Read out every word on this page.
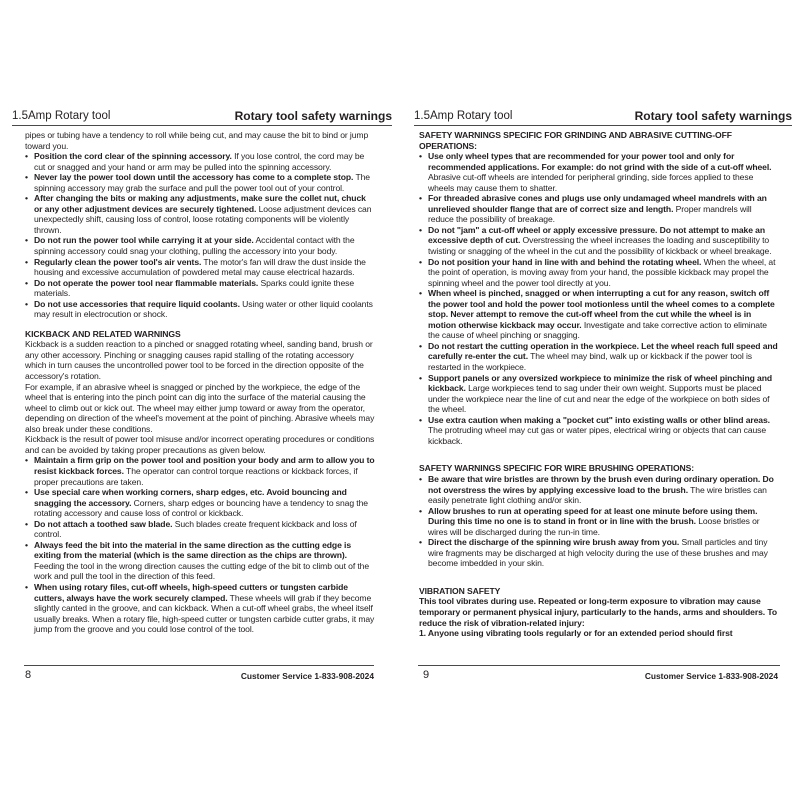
1.5Amp Rotary tool	Rotary tool safety warnings

pipes or tubing have a tendency to roll while being cut, and may cause the bit to bind or jump toward you.

• Position the cord clear of the spinning accessory. If you lose control, the cord may be cut or snagged and your hand or arm may be pulled into the spinning accessory.

• Never lay the power tool down until the accessory has come to a complete stop. The spinning accessory may grab the surface and pull the power tool out of your control.

• After changing the bits or making any adjustments, make sure the collet nut, chuck or any other adjustment devices are securely tightened. Loose adjustment devices can unexpectedly shift, causing loss of control, loose rotating components will be violently thrown.

• Do not run the power tool while carrying it at your side. Accidental contact with the spinning accessory could snag your clothing, pulling the accessory into your body.

• Regularly clean the power tool's air vents. The motor's fan will draw the dust inside the housing and excessive accumulation of powdered metal may cause electrical hazards.

• Do not operate the power tool near flammable materials. Sparks could ignite these materials.

• Do not use accessories that require liquid coolants. Using water or other liquid coolants may result in electrocution or shock.

KICKBACK AND RELATED WARNINGS

Kickback is a sudden reaction to a pinched or snagged rotating wheel, sanding band, brush or any other accessory. Pinching or snagging causes rapid stalling of the rotating accessory which in turn causes the uncontrolled power tool to be forced in the direction opposite of the accessory's rotation.

For example, if an abrasive wheel is snagged or pinched by the workpiece, the edge of the wheel that is entering into the pinch point can dig into the surface of the material causing the wheel to climb out or kick out. The wheel may either jump toward or away from the operator, depending on direction of the wheel's movement at the point of pinching. Abrasive wheels may also break under these conditions.

Kickback is the result of power tool misuse and/or incorrect operating procedures or conditions and can be avoided by taking proper precautions as given below.

• Maintain a firm grip on the power tool and position your body and arm to allow you to resist kickback forces. The operator can control torque reactions or kickback forces, if proper precautions are taken.

• Use special care when working corners, sharp edges, etc. Avoid bouncing and snagging the accessory. Corners, sharp edges or bouncing have a tendency to snag the rotating accessory and cause loss of control or kickback.

• Do not attach a toothed saw blade. Such blades create frequent kickback and loss of control.

• Always feed the bit into the material in the same direction as the cutting edge is exiting from the material (which is the same direction as the chips are thrown). Feeding the tool in the wrong direction causes the cutting edge of the bit to climb out of the work and pull the tool in the direction of this feed.

• When using rotary files, cut-off wheels, high-speed cutters or tungsten carbide cutters, always have the work securely clamped. These wheels will grab if they become slightly canted in the groove, and can kickback. When a cut-off wheel grabs, the wheel itself usually breaks. When a rotary file, high-speed cutter or tungsten carbide cutter grabs, it may jump from the groove and you could lose control of the tool.

8	Customer Service 1-833-908-2024
1.5Amp Rotary tool	Rotary tool safety warnings

SAFETY WARNINGS SPECIFIC FOR GRINDING AND ABRASIVE CUTTING-OFF OPERATIONS:

• Use only wheel types that are recommended for your power tool and only for recommended applications. For example: do not grind with the side of a cut-off wheel. Abrasive cut-off wheels are intended for peripheral grinding, side forces applied to these wheels may cause them to shatter.

• For threaded abrasive cones and plugs use only undamaged wheel mandrels with an unrelieved shoulder flange that are of correct size and length. Proper mandrels will reduce the possibility of breakage.

• Do not "jam" a cut-off wheel or apply excessive pressure. Do not attempt to make an excessive depth of cut. Overstressing the wheel increases the loading and susceptibility to twisting or snagging of the wheel in the cut and the possibility of kickback or wheel breakage.

• Do not position your hand in line with and behind the rotating wheel. When the wheel, at the point of operation, is moving away from your hand, the possible kickback may propel the spinning wheel and the power tool directly at you.

• When wheel is pinched, snagged or when interrupting a cut for any reason, switch off the power tool and hold the power tool motionless until the wheel comes to a complete stop. Never attempt to remove the cut-off wheel from the cut while the wheel is in motion otherwise kickback may occur. Investigate and take corrective action to eliminate the cause of wheel pinching or snagging.

• Do not restart the cutting operation in the workpiece. Let the wheel reach full speed and carefully re-enter the cut. The wheel may bind, walk up or kickback if the power tool is restarted in the workpiece.

• Support panels or any oversized workpiece to minimize the risk of wheel pinching and kickback. Large workpieces tend to sag under their own weight. Supports must be placed under the workpiece near the line of cut and near the edge of the workpiece on both sides of the wheel.

• Use extra caution when making a "pocket cut" into existing walls or other blind areas. The protruding wheel may cut gas or water pipes, electrical wiring or objects that can cause kickback.

SAFETY WARNINGS SPECIFIC FOR WIRE BRUSHING OPERATIONS:

• Be aware that wire bristles are thrown by the brush even during ordinary operation. Do not overstress the wires by applying excessive load to the brush. The wire bristles can easily penetrate light clothing and/or skin.

• Allow brushes to run at operating speed for at least one minute before using them. During this time no one is to stand in front or in line with the brush. Loose bristles or wires will be discharged during the run-in time.

• Direct the discharge of the spinning wire brush away from you. Small particles and tiny wire fragments may be discharged at high velocity during the use of these brushes and may become imbedded in your skin.

VIBRATION SAFETY

This tool vibrates during use. Repeated or long-term exposure to vibration may cause temporary or permanent physical injury, particularly to the hands, arms and shoulders. To reduce the risk of vibration-related injury:

1. Anyone using vibrating tools regularly or for an extended period should first

9	Customer Service 1-833-908-2024
